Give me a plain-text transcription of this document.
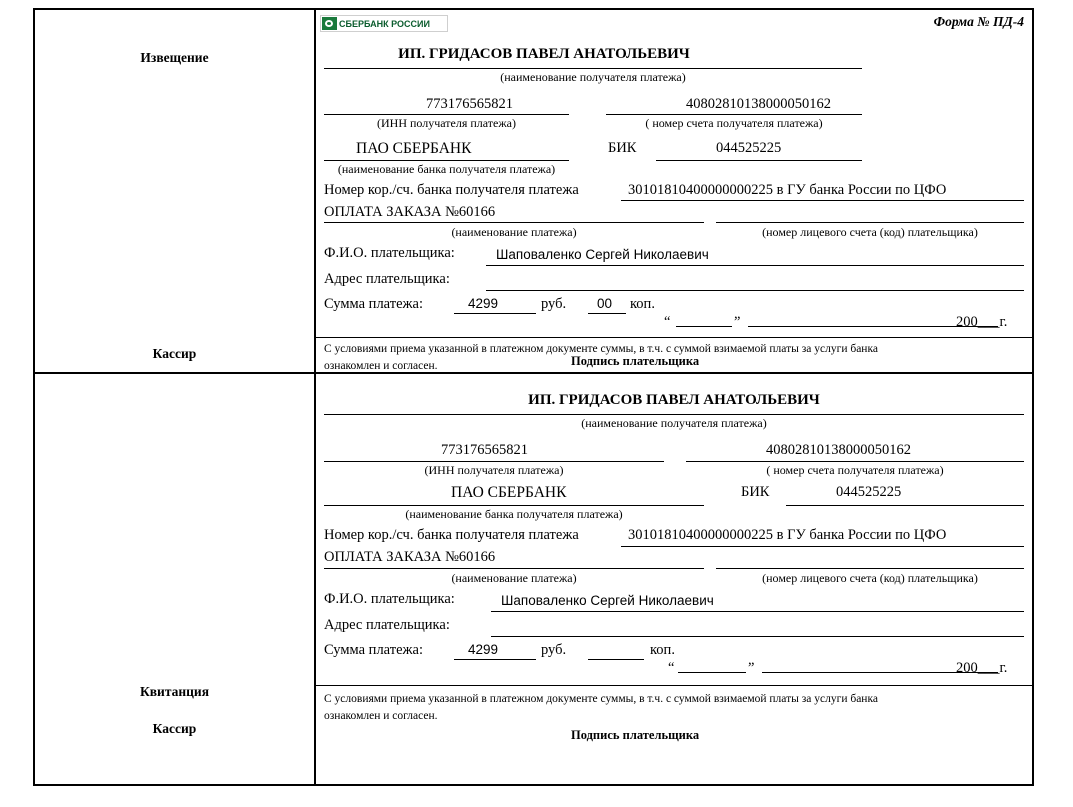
Извещение
Кассир
СБЕРБАНК РОССИИ	Форма № ПД-4
ИП. ГРИДАСОВ ПАВЕЛ АНАТОЛЬЕВИЧ
(наименование получателя платежа)
773176565821
(ИНН получателя платежа)
40802810138000050162
( номер счета получателя платежа)
ПАО СБЕРБАНК
(наименование банка получателя платежа)
БИК	044525225
Номер кор./сч. банка получателя платежа	30101810400000000225 в ГУ банка России по ЦФО
ОПЛАТА ЗАКАЗА №60166
(наименование платежа)	(номер лицевого счета (код) плательщика)
Ф.И.О. плательщика:	Шаповаленко Сергей Николаевич
Адрес плательщика:
Сумма платежа:	4299	руб. 00 коп.
“	”	200___г.
С условиями приема указанной в платежном документе суммы, в т.ч. с суммой взимаемой платы за услуги банка
ознакомлен и согласен.	Подпись плательщика
Квитанция
Кассир
ИП. ГРИДАСОВ ПАВЕЛ АНАТОЛЬЕВИЧ
(наименование получателя платежа)
773176565821
(ИНН получателя платежа)
40802810138000050162
( номер счета получателя платежа)
ПАО СБЕРБАНК
(наименование банка получателя платежа)
БИК	044525225
Номер кор./сч. банка получателя платежа	30101810400000000225 в ГУ банка России по ЦФО
ОПЛАТА ЗАКАЗА №60166
(наименование платежа)	(номер лицевого счета (код) плательщика)
Ф.И.О. плательщика:	Шаповаленко Сергей Николаевич
Адрес плательщика:
Сумма платежа:	4299	руб.	коп.
“	”	200___г.
С условиями приема указанной в платежном документе суммы, в т.ч. с суммой взимаемой платы за услуги банка
ознакомлен и согласен.
Подпись плательщика
